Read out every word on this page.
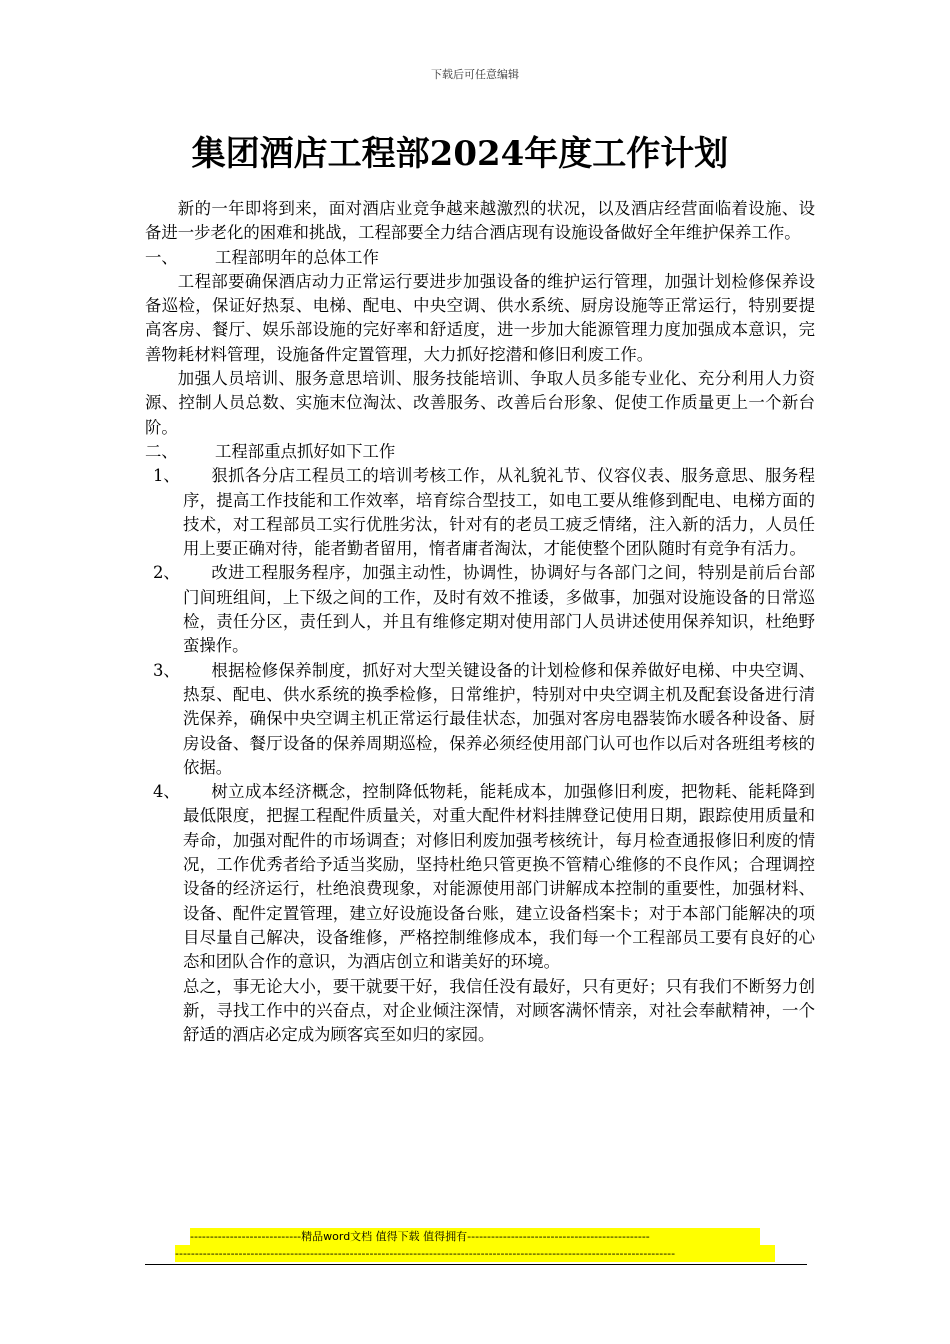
下载后可任意编辑
集团酒店工程部2024年度工作计划

新的一年即将到来，面对酒店业竞争越来越激烈的状况，以及酒店经营面临着设施、设备进一步老化的困难和挑战，工程部要全力结合酒店现有设施设备做好全年维护保养工作。

一、	工程部明年的总体工作

工程部要确保酒店动力正常运行要进步加强设备的维护运行管理，加强计划检修保养设备巡检，保证好热泵、电梯、配电、中央空调、供水系统、厨房设施等正常运行，特别要提高客房、餐厅、娱乐部设施的完好率和舒适度，进一步加大能源管理力度加强成本意识，完善物耗材料管理，设施备件定置管理，大力抓好挖潜和修旧利废工作。

加强人员培训、服务意思培训、服务技能培训、争取人员多能专业化、充分利用人力资源、控制人员总数、实施末位淘汰、改善服务、改善后台形象、促使工作质量更上一个新台阶。

二、	工程部重点抓好如下工作

1、 狠抓各分店工程员工的培训考核工作，从礼貌礼节、仪容仪表、服务意思、服务程序，提高工作技能和工作效率，培育综合型技工，如电工要从维修到配电、电梯方面的技术，对工程部员工实行优胜劣汰，针对有的老员工疲乏情绪，注入新的活力，人员任用上要正确对待，能者勤者留用，惰者庸者淘汰，才能使整个团队随时有竞争有活力。

2、 改进工程服务程序，加强主动性，协调性，协调好与各部门之间，特别是前后台部门间班组间，上下级之间的工作，及时有效不推诿，多做事，加强对设施设备的日常巡检，责任分区，责任到人，并且有维修定期对使用部门人员讲述使用保养知识，杜绝野蛮操作。

3、 根据检修保养制度，抓好对大型关键设备的计划检修和保养做好电梯、中央空调、热泵、配电、供水系统的换季检修，日常维护，特别对中央空调主机及配套设备进行清洗保养，确保中央空调主机正常运行最佳状态，加强对客房电器装饰水暖各种设备、厨房设备、餐厅设备的保养周期巡检，保养必须经使用部门认可也作以后对各班组考核的依据。

4、 树立成本经济概念，控制降低物耗，能耗成本，加强修旧利废，把物耗、能耗降到最低限度，把握工程配件质量关，对重大配件材料挂牌登记使用日期，跟踪使用质量和寿命，加强对配件的市场调查；对修旧利废加强考核统计，每月检查通报修旧利废的情况，工作优秀者给予适当奖励，坚持杜绝只管更换不管精心维修的不良作风；合理调控设备的经济运行，杜绝浪费现象，对能源使用部门讲解成本控制的重要性，加强材料、设备、配件定置管理，建立好设施设备台账，建立设备档案卡；对于本部门能解决的项目尽量自己解决，设备维修，严格控制维修成本，我们每一个工程部员工要有良好的心态和团队合作的意识，为酒店创立和谐美好的环境。

总之，事无论大小，要干就要干好，我信任没有最好，只有更好；只有我们不断努力创新，寻找工作中的兴奋点，对企业倾注深情，对顾客满怀情亲，对社会奉献精神，一个舒适的酒店必定成为顾客宾至如归的家园。

----------------------------精品word文档 值得下载 值得拥有----------------------------------------------
------------------------------------------------------------------------------------------------------------------------------
